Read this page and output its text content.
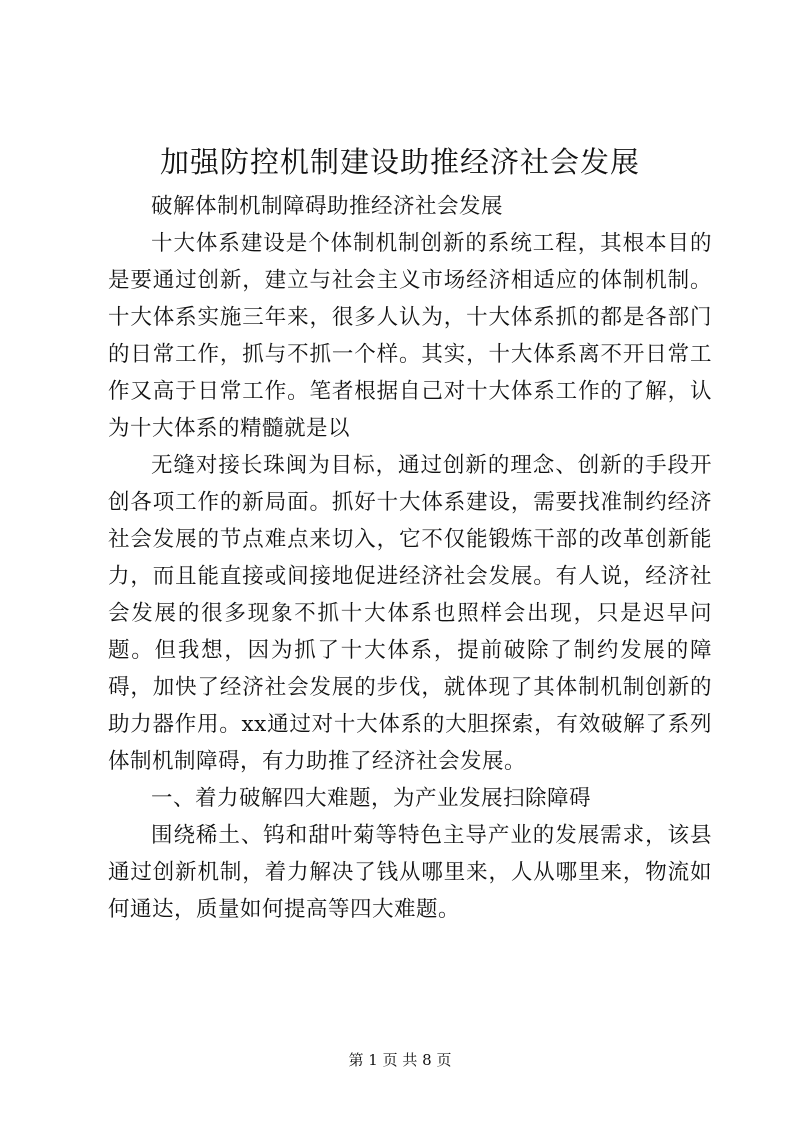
加强防控机制建设助推经济社会发展

破解体制机制障碍助推经济社会发展

十大体系建设是个体制机制创新的系统工程，其根本目的是要通过创新，建立与社会主义市场经济相适应的体制机制。十大体系实施三年来，很多人认为，十大体系抓的都是各部门的日常工作，抓与不抓一个样。其实，十大体系离不开日常工作又高于日常工作。笔者根据自己对十大体系工作的了解，认为十大体系的精髓就是以

无缝对接长珠闽为目标，通过创新的理念、创新的手段开创各项工作的新局面。抓好十大体系建设，需要找准制约经济社会发展的节点难点来切入，它不仅能锻炼干部的改革创新能力，而且能直接或间接地促进经济社会发展。有人说，经济社会发展的很多现象不抓十大体系也照样会出现，只是迟早问题。但我想，因为抓了十大体系，提前破除了制约发展的障碍，加快了经济社会发展的步伐，就体现了其体制机制创新的助力器作用。xx通过对十大体系的大胆探索，有效破解了系列体制机制障碍，有力助推了经济社会发展。

一、着力破解四大难题，为产业发展扫除障碍

围绕稀土、钨和甜叶菊等特色主导产业的发展需求，该县通过创新机制，着力解决了钱从哪里来，人从哪里来，物流如何通达，质量如何提高等四大难题。

第 1 页 共 8 页
